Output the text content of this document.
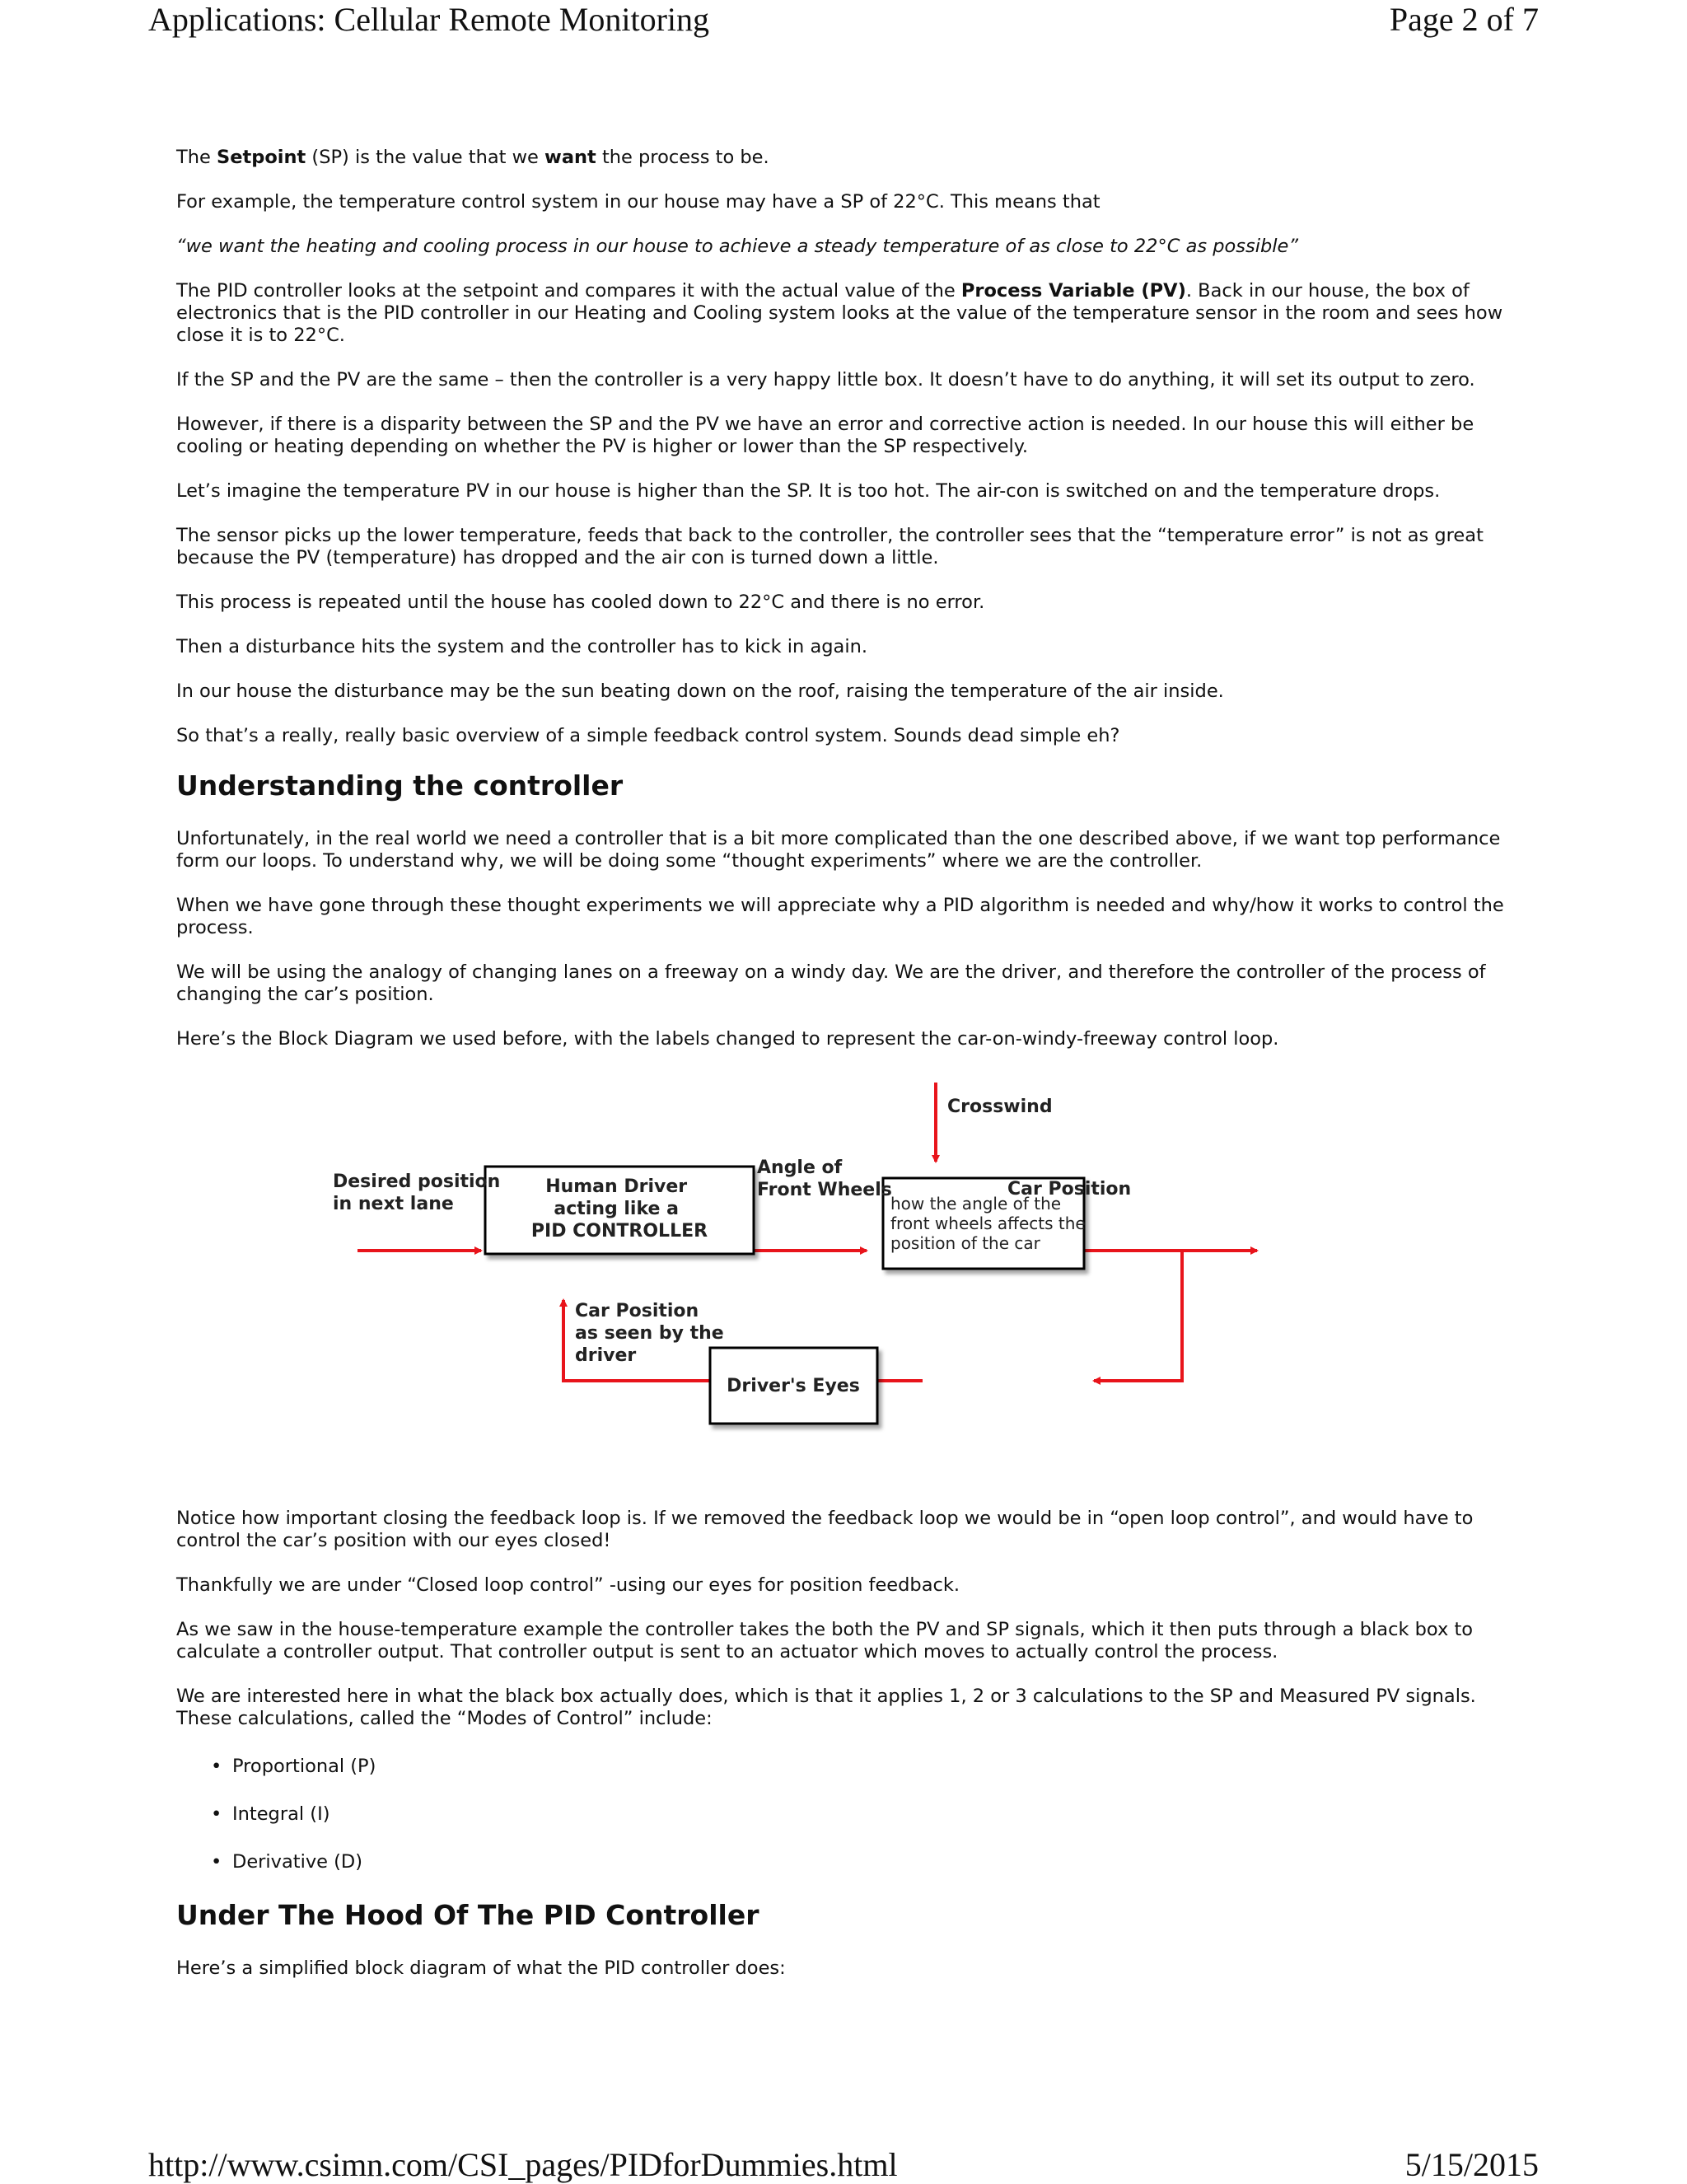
Applications: Cellular Remote Monitoring	Page 2 of 7

The Setpoint (SP) is the value that we want the process to be.

For example, the temperature control system in our house may have a SP of 22°C. This means that

“we want the heating and cooling process in our house to achieve a steady temperature of as close to 22°C as possible”

The PID controller looks at the setpoint and compares it with the actual value of the Process Variable (PV). Back in our house, the box of electronics that is the PID controller in our Heating and Cooling system looks at the value of the temperature sensor in the room and sees how close it is to 22°C.

If the SP and the PV are the same – then the controller is a very happy little box. It doesn’t have to do anything, it will set its output to zero.

However, if there is a disparity between the SP and the PV we have an error and corrective action is needed. In our house this will either be cooling or heating depending on whether the PV is higher or lower than the SP respectively.

Let’s imagine the temperature PV in our house is higher than the SP. It is too hot. The air-con is switched on and the temperature drops.

The sensor picks up the lower temperature, feeds that back to the controller, the controller sees that the “temperature error” is not as great because the PV (temperature) has dropped and the air con is turned down a little.

This process is repeated until the house has cooled down to 22°C and there is no error.

Then a disturbance hits the system and the controller has to kick in again.

In our house the disturbance may be the sun beating down on the roof, raising the temperature of the air inside.

So that’s a really, really basic overview of a simple feedback control system. Sounds dead simple eh?

Understanding the controller

Unfortunately, in the real world we need a controller that is a bit more complicated than the one described above, if we want top performance form our loops. To understand why, we will be doing some “thought experiments” where we are the controller.

When we have gone through these thought experiments we will appreciate why a PID algorithm is needed and why/how it works to control the process.

We will be using the analogy of changing lanes on a freeway on a windy day. We are the driver, and therefore the controller of the process of changing the car’s position.

Here’s the Block Diagram we used before, with the labels changed to represent the car-on-windy-freeway control loop.

Desired position in next lane
Human Driver acting like a PID CONTROLLER
Angle of Front Wheels
Crosswind
how the angle of the front wheels affects the position of the car
Car Position
Car Position as seen by the driver
Driver's Eyes

Notice how important closing the feedback loop is. If we removed the feedback loop we would be in “open loop control”, and would have to control the car’s position with our eyes closed!

Thankfully we are under “Closed loop control” -using our eyes for position feedback.

As we saw in the house-temperature example the controller takes the both the PV and SP signals, which it then puts through a black box to calculate a controller output. That controller output is sent to an actuator which moves to actually control the process.

We are interested here in what the black box actually does, which is that it applies 1, 2 or 3 calculations to the SP and Measured PV signals. These calculations, called the “Modes of Control” include:

• Proportional (P)
• Integral (I)
• Derivative (D)
Under The Hood Of The PID Controller

Here’s a simplified block diagram of what the PID controller does:

http://www.csimn.com/CSI_pages/PIDforDummies.html	5/15/2015
